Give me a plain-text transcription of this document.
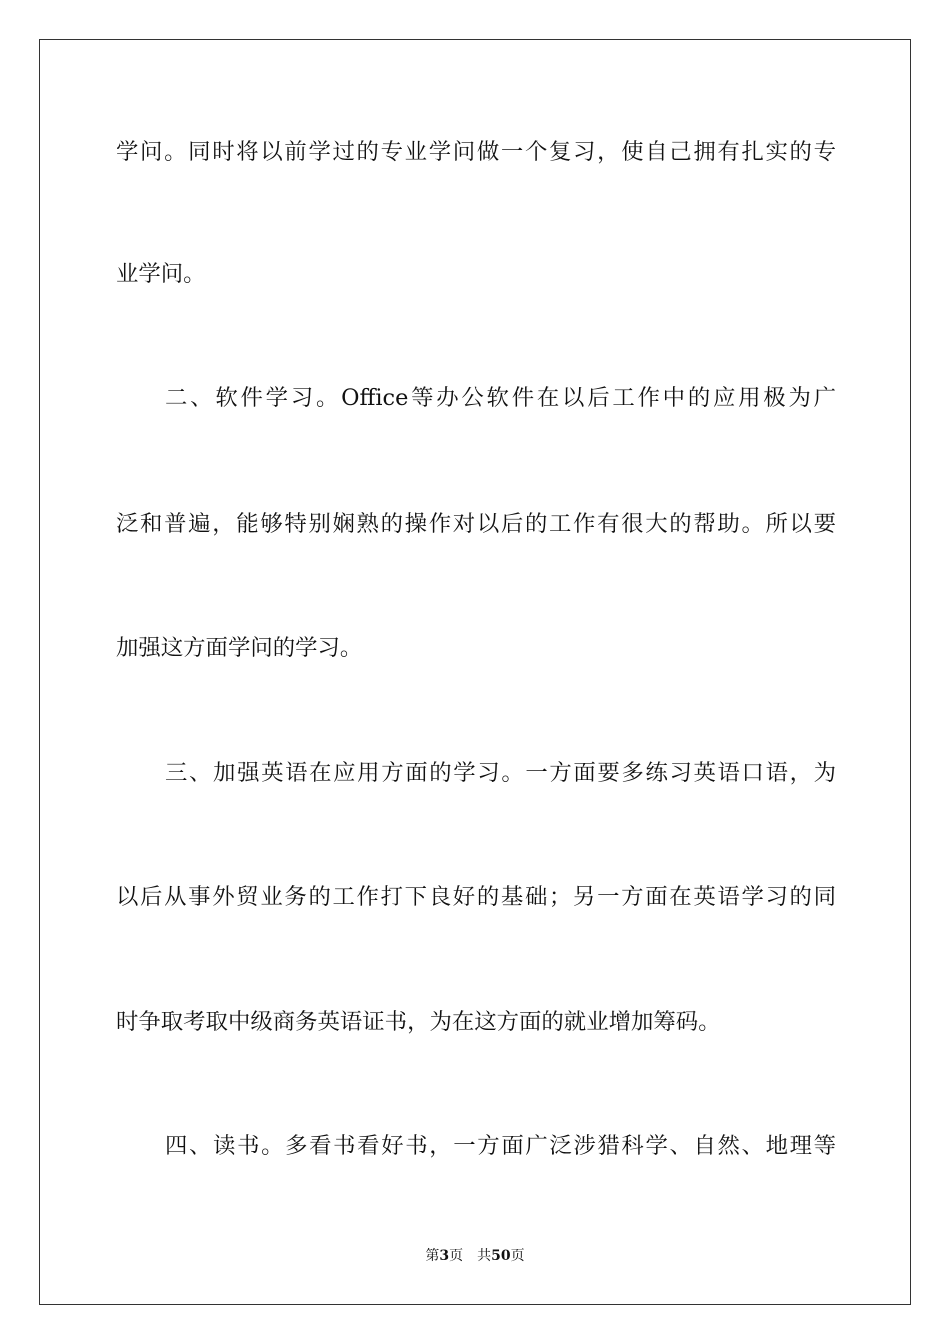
学问。同时将以前学过的专业学问做一个复习，使自己拥有扎实的专
业学问。
二、软件学习。Office等办公软件在以后工作中的应用极为广
泛和普遍，能够特别娴熟的操作对以后的工作有很大的帮助。所以要
加强这方面学问的学习。
三、加强英语在应用方面的学习。一方面要多练习英语口语，为
以后从事外贸业务的工作打下良好的基础；另一方面在英语学习的同
时争取考取中级商务英语证书，为在这方面的就业增加筹码。
四、读书。多看书看好书，一方面广泛涉猎科学、自然、地理等
第3页 共50页
